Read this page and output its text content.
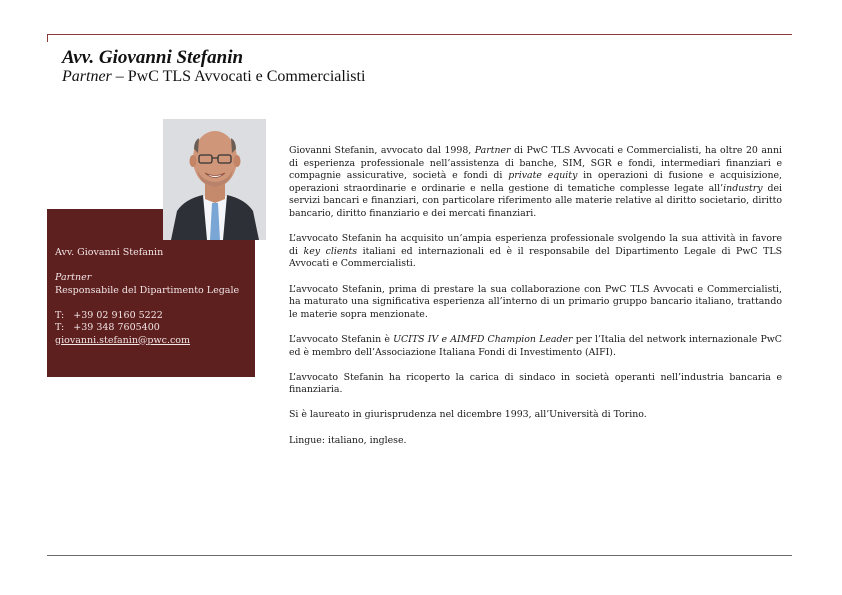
Avv. Giovanni Stefanin
Partner – PwC TLS Avvocati e Commercialisti
Avv. Giovanni Stefanin
Partner
Responsabile del Dipartimento Legale
T: +39 02 9160 5222
T: +39 348 7605400
giovanni.stefanin@pwc.com

Giovanni Stefanin, avvocato dal 1998, Partner di PwC TLS Avvocati e Commercialisti, ha oltre 20 anni di esperienza professionale nell’assistenza di banche, SIM, SGR e fondi, intermediari finanziari e compagnie assicurative, società e fondi di private equity in operazioni di fusione e acquisizione, operazioni straordinarie e ordinarie e nella gestione di tematiche complesse legate all’industry dei servizi bancari e finanziari, con particolare riferimento alle materie relative al diritto societario, diritto bancario, diritto finanziario e dei mercati finanziari.

L’avvocato Stefanin ha acquisito un’ampia esperienza professionale svolgendo la sua attività in favore di key clients italiani ed internazionali ed è il responsabile del Dipartimento Legale di PwC TLS Avvocati e Commercialisti.

L’avvocato Stefanin, prima di prestare la sua collaborazione con PwC TLS Avvocati e Commercialisti, ha maturato una significativa esperienza all’interno di un primario gruppo bancario italiano, trattando le materie sopra menzionate.

L’avvocato Stefanin è UCITS IV e AIMFD Champion Leader per l’Italia del network internazionale PwC ed è membro dell’Associazione Italiana Fondi di Investimento (AIFI).

L’avvocato Stefanin ha ricoperto la carica di sindaco in società operanti nell’industria bancaria e finanziaria.

Si è laureato in giurisprudenza nel dicembre 1993, all’Università di Torino.

Lingue: italiano, inglese.
